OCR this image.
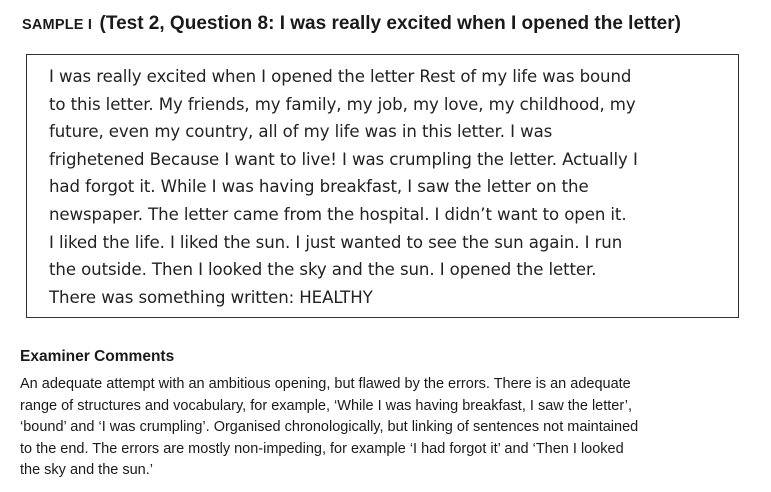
SAMPLE I (Test 2, Question 8: I was really excited when I opened the letter)
I was really excited when I opened the letter Rest of my life was bound
to this letter. My friends, my family, my job, my love, my childhood, my
future, even my country, all of my life was in this letter. I was
frighetened Because I want to live! I was crumpling the letter. Actually I
had forgot it. While I was having breakfast, I saw the letter on the
newspaper. The letter came from the hospital. I didn’t want to open it.
I liked the life. I liked the sun. I just wanted to see the sun again. I run
the outside. Then I looked the sky and the sun. I opened the letter.
There was something written: HEALTHY
Examiner Comments
An adequate attempt with an ambitious opening, but flawed by the errors. There is an adequate
range of structures and vocabulary, for example, ‘While I was having breakfast, I saw the letter’,
‘bound’ and ‘I was crumpling’. Organised chronologically, but linking of sentences not maintained
to the end. The errors are mostly non-impeding, for example ‘I had forgot it’ and ‘Then I looked
the sky and the sun.’
